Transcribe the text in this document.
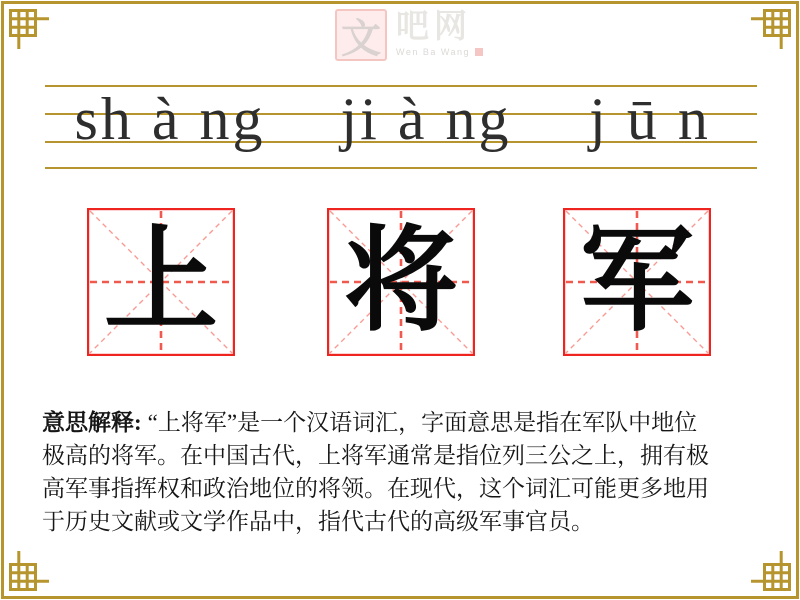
文 吧网
Wen Ba Wang
sh à ng ji à ng j ū n
上 将 军
意思解释: “上将军”是一个汉语词汇，字面意思是指在军队中地位
极高的将军。在中国古代，上将军通常是指位列三公之上，拥有极
高军事指挥权和政治地位的将领。在现代，这个词汇可能更多地用
于历史文献或文学作品中，指代古代的高级军事官员。
